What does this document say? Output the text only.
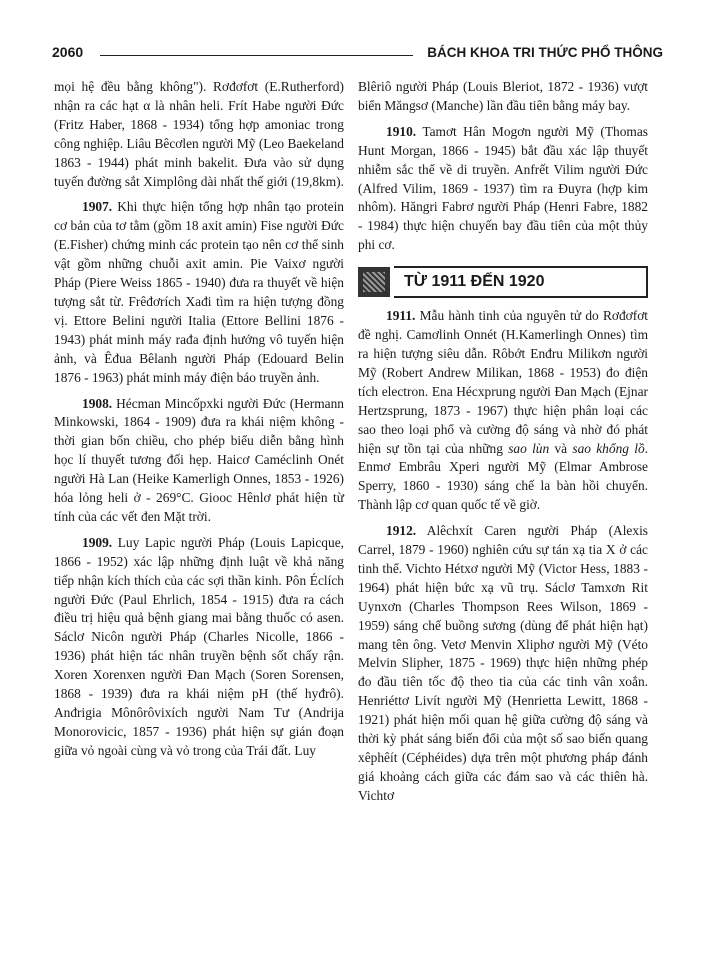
2060	BÁCH KHOA TRI THỨC PHỔ THÔNG

mọi hệ đều bằng không"). Rơđơfơt (E.Rutherford) nhận ra các hạt α là nhân heli. Frít Habe người Đức (Fritz Haber, 1868 - 1934) tổng hợp amoniac trong công nghiệp. Liâu Bêcơlen người Mỹ (Leo Baekeland 1863 - 1944) phát minh bakelit. Đưa vào sử dụng tuyến đường sắt Ximplông dài nhất thế giới (19,8km).

1907. Khi thực hiện tổng hợp nhân tạo protein cơ bản của tơ tằm (gồm 18 axit amin) Fise người Đức (E.Fisher) chứng minh các protein tạo nên cơ thể sinh vật gồm những chuỗi axit amin. Pie Vaixơ người Pháp (Piere Weiss 1865 - 1940) đưa ra thuyết về hiện tượng sắt từ. Frêđơrích Xađi tìm ra hiện tượng đồng vị. Ettore Belini người Italia (Ettore Bellini 1876 - 1943) phát minh máy rađa định hướng vô tuyến hiện ảnh, và Êđua Bêlanh người Pháp (Edouard Belin 1876 - 1963) phát minh máy điện báo truyền ảnh.

1908. Hécman Mincốpxki người Đức (Hermann Minkowski, 1864 - 1909) đưa ra khái niệm không - thời gian bốn chiều, cho phép biểu diễn bằng hình học lí thuyết tương đối hẹp. Haicơ Caméclinh Onét người Hà Lan (Heike Kamerligh Onnes, 1853 - 1926) hóa lỏng heli ở - 269°C. Giooc Hênlơ phát hiện từ tính của các vết đen Mặt trời.

1909. Luy Lapic người Pháp (Louis Lapicque, 1866 - 1952) xác lập những định luật về khả năng tiếp nhận kích thích của các sợi thần kinh. Pôn Éclích người Đức (Paul Ehrlich, 1854 - 1915) đưa ra cách điều trị hiệu quả bệnh giang mai bằng thuốc có asen. Sáclơ Nicôn người Pháp (Charles Nicolle, 1866 - 1936) phát hiện tác nhân truyền bệnh sốt chấy rận. Xoren Xorenxen người Đan Mạch (Soren Sorensen, 1868 - 1939) đưa ra khái niệm pH (thế hyđrô). Anđrigia Mônôrôvixích người Nam Tư (Andrija Monorovicic, 1857 - 1936) phát hiện sự gián đoạn giữa vỏ ngoài cùng và vỏ trong của Trái đất. Luy

Blêriô người Pháp (Louis Bleriot, 1872 - 1936) vượt biển Măngsơ (Manche) lần đầu tiên bằng máy bay.

1910. Tamơt Hân Mogơn người Mỹ (Thomas Hunt Morgan, 1866 - 1945) bắt đầu xác lập thuyết nhiễm sắc thể về di truyền. Anfrết Vilim người Đức (Alfred Vilim, 1869 - 1937) tìm ra Đuyra (hợp kim nhôm). Hăngri Fabrơ người Pháp (Henri Fabre, 1882 - 1984) thực hiện chuyến bay đầu tiên của một thủy phi cơ.

TỪ 1911 ĐẾN 1920

1911. Mẫu hành tinh của nguyên tử do Rơđơfơt đề nghị. Camơlinh Onnét (H.Kamerlingh Onnes) tìm ra hiện tượng siêu dẫn. Rôbớt Enđru Milikơn người Mỹ (Robert Andrew Milikan, 1868 - 1953) đo điện tích electron. Ena Hécxprung người Đan Mạch (Ejnar Hertzsprung, 1873 - 1967) thực hiện phân loại các sao theo loại phổ và cường độ sáng và nhờ đó phát hiện sự tồn tại của những sao lùn và sao khổng lồ. Enmơ Embrâu Xperi người Mỹ (Elmar Ambrose Sperry, 1860 - 1930) sáng chế la bàn hồi chuyển. Thành lập cơ quan quốc tế về giờ.

1912. Alêchxít Caren người Pháp (Alexis Carrel, 1879 - 1960) nghiên cứu sự tán xạ tia X ở các tinh thể. Vichto Hétxơ người Mỹ (Victor Hess, 1883 - 1964) phát hiện bức xạ vũ trụ. Sáclơ Tamxơn Rit Uynxơn (Charles Thompson Rees Wilson, 1869 - 1959) sáng chế buồng sương (dùng để phát hiện hạt) mang tên ông. Vetơ Menvin Xliphơ người Mỹ (Véto Melvin Slipher, 1875 - 1969) thực hiện những phép đo đầu tiên tốc độ theo tia của các tinh vân xoắn. Henriéttơ Livít người Mỹ (Henrietta Lewitt, 1868 - 1921) phát hiện mối quan hệ giữa cường độ sáng và thời kỳ phát sáng biến đổi của một số sao biến quang xêphêít (Céphéides) dựa trên một phương pháp đánh giá khoảng cách giữa các đám sao và các thiên hà. Vichtơ
